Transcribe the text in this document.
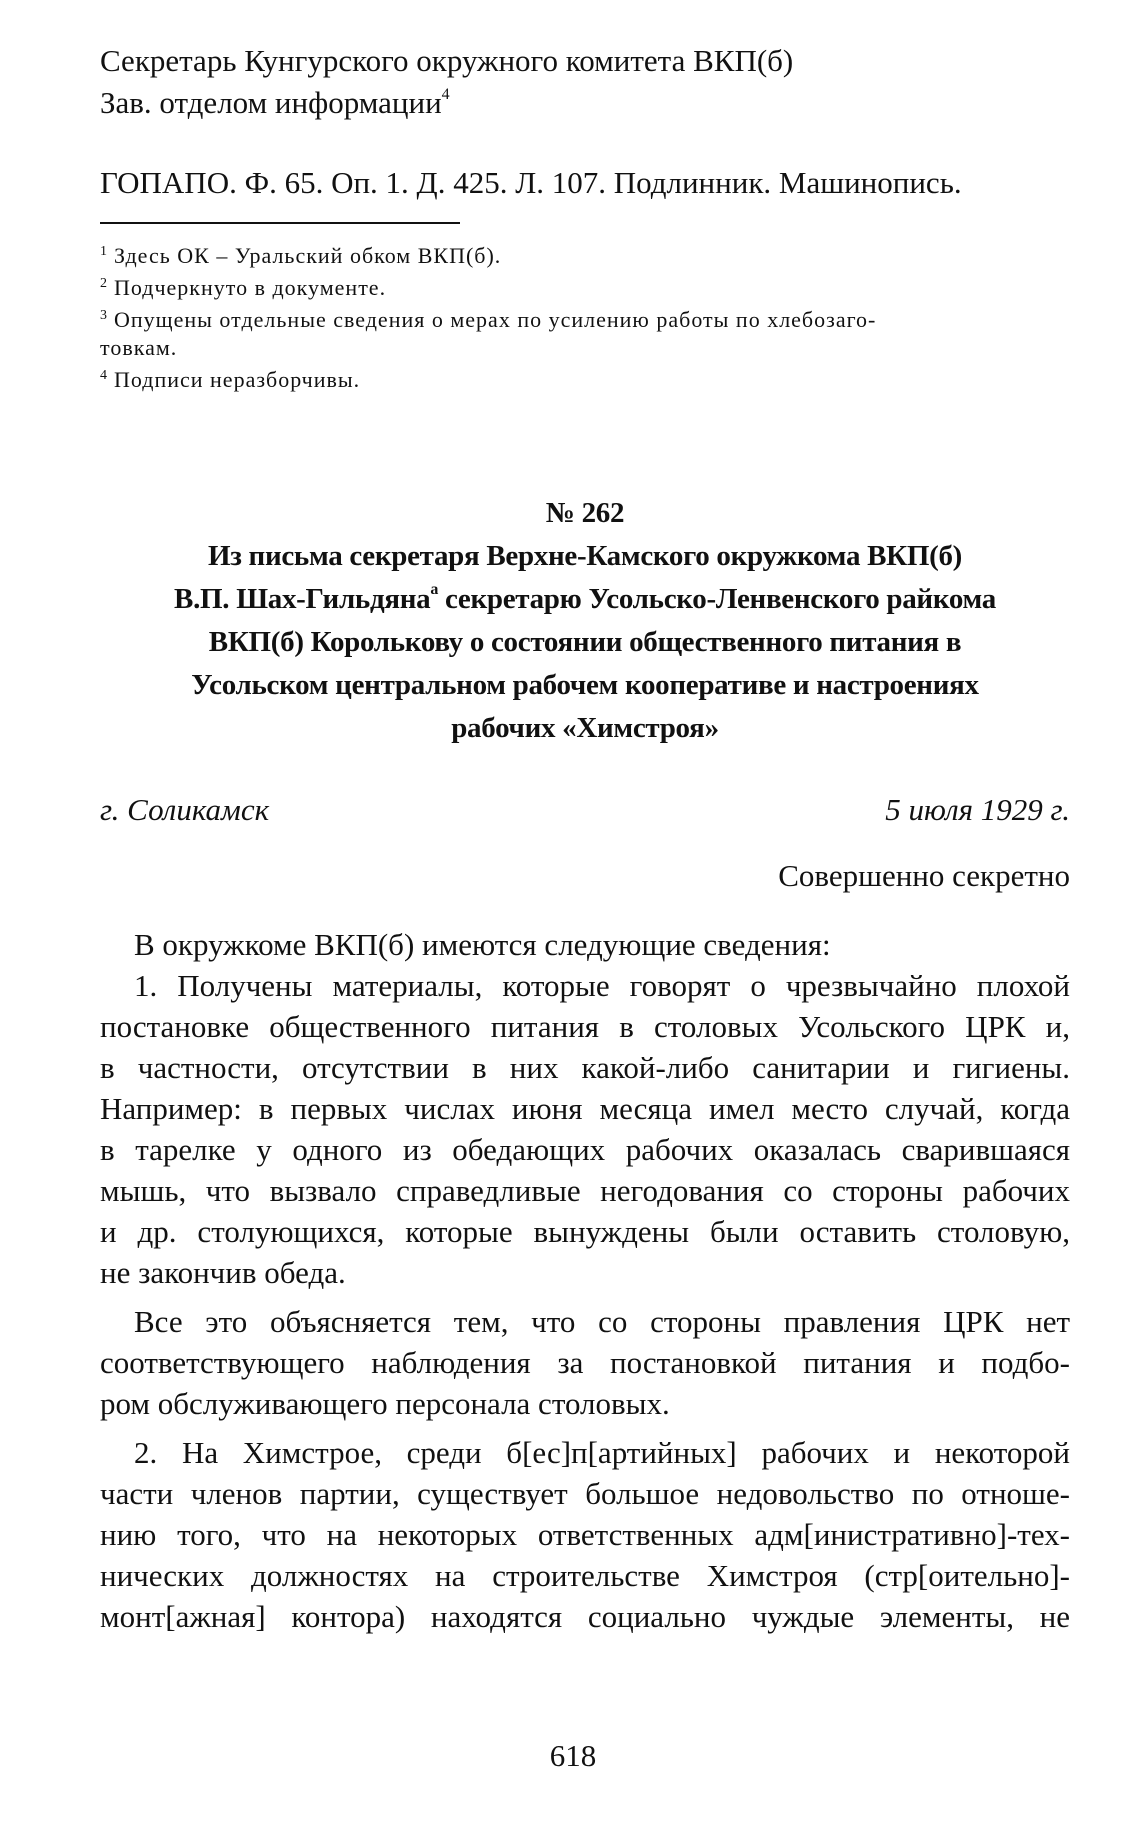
Секретарь Кунгурского окружного комитета ВКП(б)
Зав. отделом информации$^4$
ГОПАПО. Ф. 65. Оп. 1. Д. 425. Л. 107. Подлинник. Машинопись.
$^1$ Здесь ОК – Уральский обком ВКП(б).
$^2$ Подчеркнуто в документе.
$^3$ Опущены отдельные сведения о мерах по усилению работы по хлебозаго-
товкам.
$^4$ Подписи неразборчивы.
№ 262
Из письма секретаря Верхне-Камского окружкома ВКП(б)
В.П. Шах-Гильдяна$^а$ секретарю Усольско-Ленвенского райкома
ВКП(б) Королькову о состоянии общественного питания в
Усольском центральном рабочем кооперативе и настроениях
рабочих «Химстроя»
г. Соликамск	5 июля 1929 г.
Совершенно секретно
В окружкоме ВКП(б) имеются следующие сведения:
1. Получены материалы, которые говорят о чрезвычайно плохой
постановке общественного питания в столовых Усольского ЦРК и,
в частности, отсутствии в них какой-либо санитарии и гигиены.
Например: в первых числах июня месяца имел место случай, когда
в тарелке у одного из обедающих рабочих оказалась сварившаяся
мышь, что вызвало справедливые негодования со стороны рабочих
и др. столующихся, которые вынуждены были оставить столовую,
не закончив обеда.
Все это объясняется тем, что со стороны правления ЦРК нет
соответствующего наблюдения за постановкой питания и подбо-
ром обслуживающего персонала столовых.
2. На Химстрое, среди б[ес]п[артийных] рабочих и некоторой
части членов партии, существует большое недовольство по отноше-
нию того, что на некоторых ответственных адм[инистративно]-тех-
нических должностях на строительстве Химстроя (стр[оительно]-
монт[ажная] контора) находятся социально чуждые элементы, не
618
